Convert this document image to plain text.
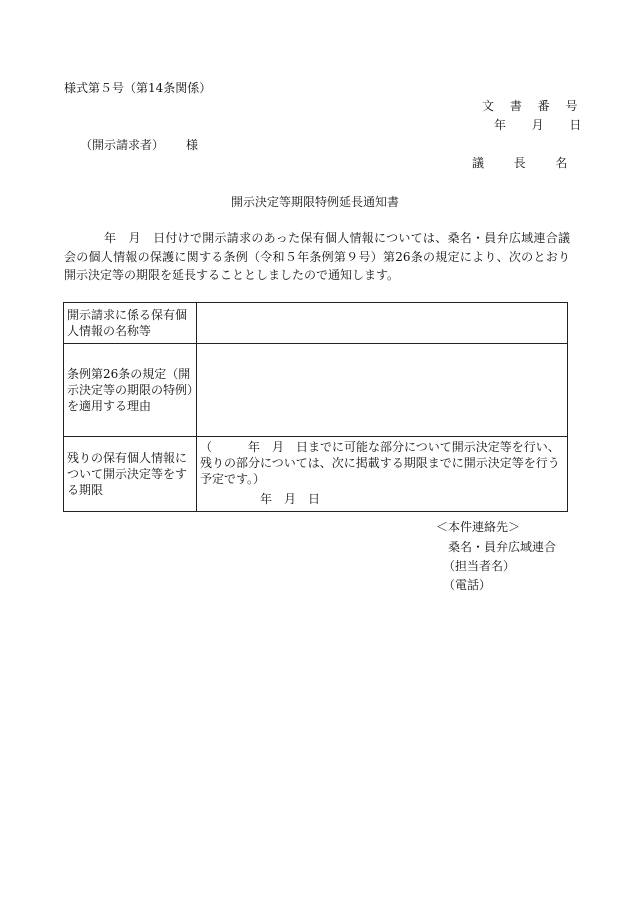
様式第５号（第14条関係）
文 書 番 号
年 月 日
（開示請求者） 様
議 長 名
開示決定等期限特例延長通知書
年　月　日付けで開示請求のあった保有個人情報については、桑名・員弁広域連合議会の個人情報の保護に関する条例（令和５年条例第９号）第26条の規定により、次のとおり開示決定等の期限を延長することとしましたので通知します。
開示請求に係る保有個人情報の名称等	
条例第26条の規定（開示決定等の期限の特例）を適用する理由	
残りの保有個人情報について開示決定等をする期限	（　　　年　月　日までに可能な部分について開示決定等を行い、残りの部分については、次に掲載する期限までに開示決定等を行う予定です。）
年　月　日
＜本件連絡先＞
桑名・員弁広域連合
（担当者名）
（電話）
